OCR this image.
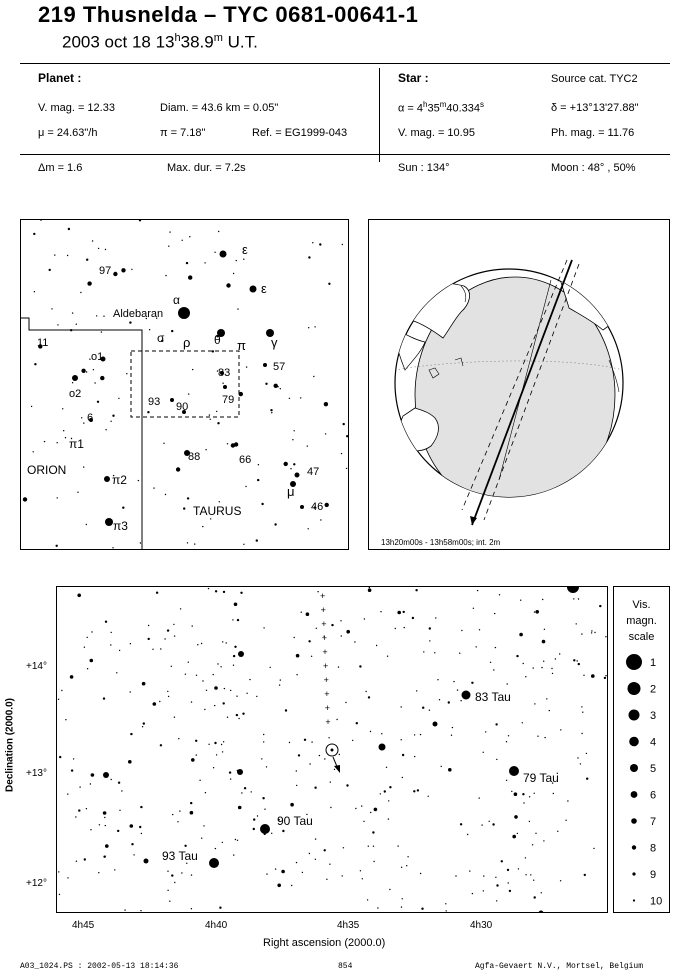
219 Thusnelda – TYC 0681-00641-1
2003 oct 18 13$^h$38.9$^m$ U.T.
Planet :
V. mag. = 12.33	Diam. = 43.6 km = 0.05"
μ = 24.63"/h	π = 7.18"	Ref. = EG1999-043
Star :	Source cat. TYC2
$\alpha = 4^h35^m40.334^s$	δ = +13°13'27.88"
V. mag. = 10.95	Ph. mag. = 11.76
Δm = 1.6	Max. dur. = 7.2s	Sun : 134°	Moon : 48° , 50%
ε
ε
97
Aldebaran
α
σ ρ θ π γ
11
o1
o2
6
π1
π2
π3
57
83
79
93 90
88	66
47
46
μ
ORION
TAURUS
13h20m00s - 13h58m00s; int. 2m
Declination (2000.0)
+
+
+
+
+
+
+
+
+
+
83 Tau
79 Tau
90 Tau
93 Tau
+14°
+13°
+12°
4h45	4h40	4h35	4h30
Right ascension (2000.0)
Vis.
magn.
scale
1
2
3
4
5
6
7
8
9
10
A03_1024.PS : 2002-05-13 18:14:36	854	Agfa-Gevaert N.V., Mortsel, Belgium
